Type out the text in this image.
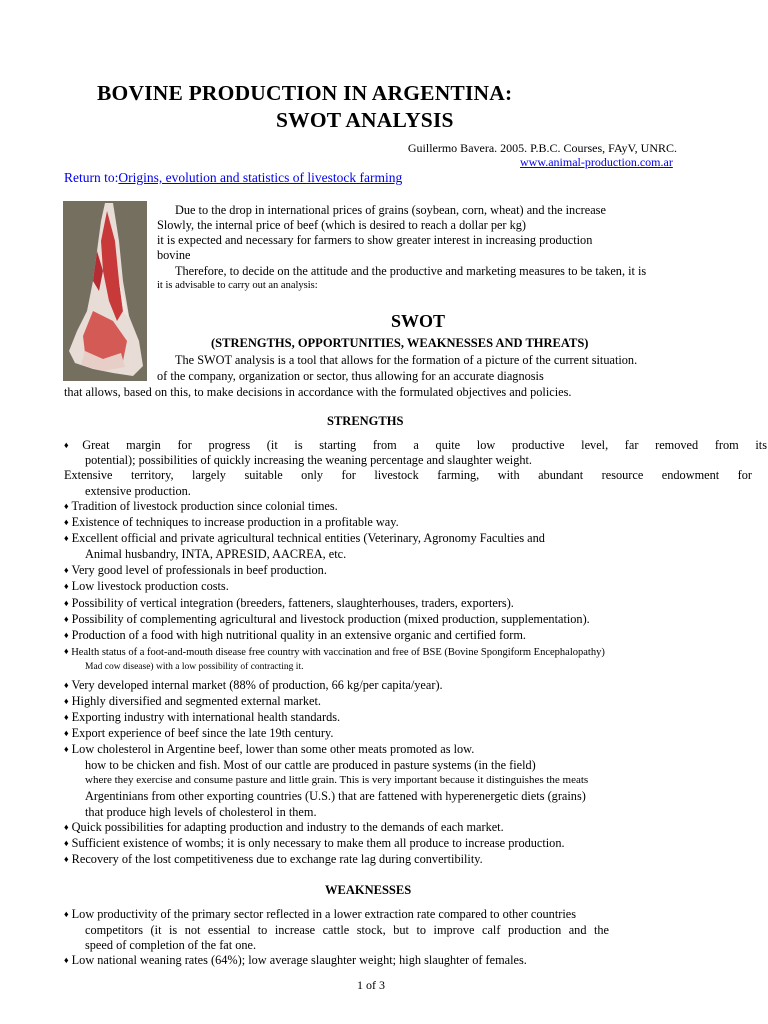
BOVINE PRODUCTION IN ARGENTINA:
SWOT ANALYSIS
Guillermo Bavera. 2005. P.B.C. Courses, FAyV, UNRC.
www.animal-production.com.ar
Return to:Origins, evolution and statistics of livestock farming
Due to the drop in international prices of grains (soybean, corn, wheat) and the increase
Slowly, the internal price of beef (which is desired to reach a dollar per kg)
it is expected and necessary for farmers to show greater interest in increasing production
bovine
Therefore, to decide on the attitude and the productive and marketing measures to be taken, it is
it is advisable to carry out an analysis:
SWOT
(STRENGTHS, OPPORTUNITIES, WEAKNESSES AND THREATS)
The SWOT analysis is a tool that allows for the formation of a picture of the current situation.
of the company, organization or sector, thus allowing for an accurate diagnosis
that allows, based on this, to make decisions in accordance with the formulated objectives and policies.
STRENGTHS
♦Great margin for progress (it is starting from a quite low productive level, far removed from its
potential); possibilities of quickly increasing the weaning percentage and slaughter weight.
Extensive territory, largely suitable only for livestock farming, with abundant resource endowment for
extensive production.
♦ Tradition of livestock production since colonial times.
♦ Existence of techniques to increase production in a profitable way.
♦ Excellent official and private agricultural technical entities (Veterinary, Agronomy Faculties and
Animal husbandry, INTA, APRESID, AACREA, etc.
♦ Very good level of professionals in beef production.
♦ Low livestock production costs.
♦ Possibility of vertical integration (breeders, fatteners, slaughterhouses, traders, exporters).
♦ Possibility of complementing agricultural and livestock production (mixed production, supplementation).
♦ Production of a food with high nutritional quality in an extensive organic and certified form.
♦ Health status of a foot-and-mouth disease free country with vaccination and free of BSE (Bovine Spongiform Encephalopathy)
Mad cow disease) with a low possibility of contracting it.
♦ Very developed internal market (88% of production, 66 kg/per capita/year).
♦ Highly diversified and segmented external market.
♦ Exporting industry with international health standards.
♦ Export experience of beef since the late 19th century.
♦ Low cholesterol in Argentine beef, lower than some other meats promoted as low.
how to be chicken and fish. Most of our cattle are produced in pasture systems (in the field)
where they exercise and consume pasture and little grain. This is very important because it distinguishes the meats
Argentinians from other exporting countries (U.S.) that are fattened with hyperenergetic diets (grains)
that produce high levels of cholesterol in them.
♦ Quick possibilities for adapting production and industry to the demands of each market.
♦ Sufficient existence of wombs; it is only necessary to make them all produce to increase production.
♦ Recovery of the lost competitiveness due to exchange rate lag during convertibility.
WEAKNESSES
♦ Low productivity of the primary sector reflected in a lower extraction rate compared to other countries
competitors (it is not essential to increase cattle stock, but to improve calf production and the
speed of completion of the fat one.
♦ Low national weaning rates (64%); low average slaughter weight; high slaughter of females.
1 of 3
